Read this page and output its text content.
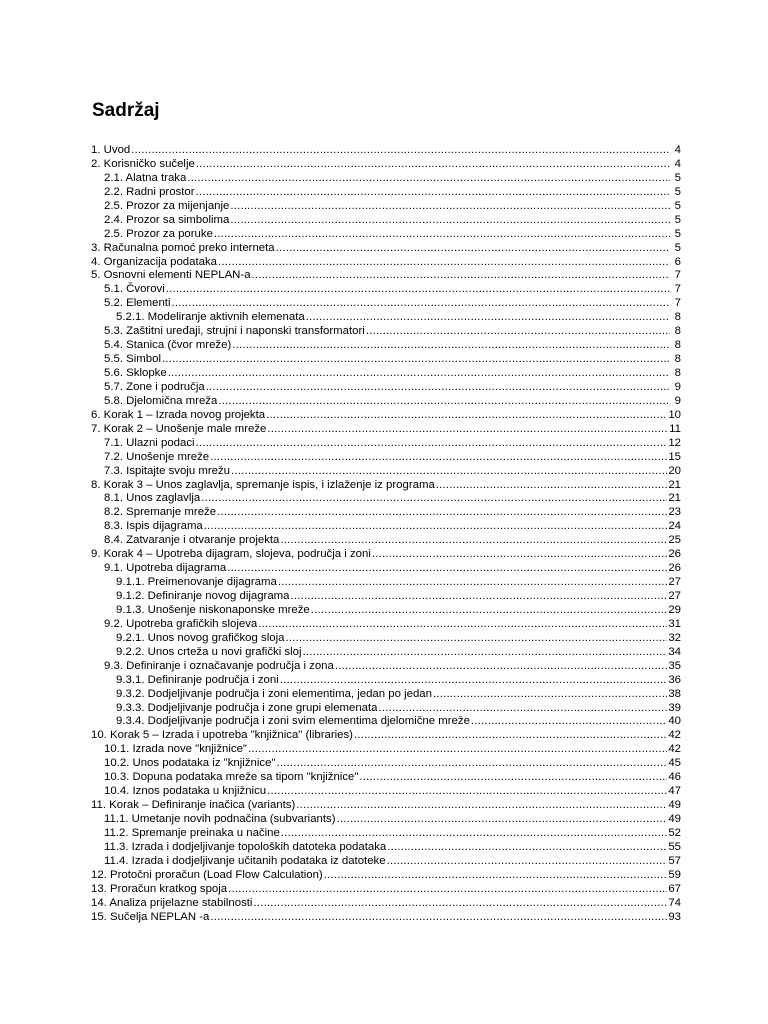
Sadržaj
1. Uvod .....	4
2. Korisničko sučelje .....	4
2.1. Alatna traka .....	5
2.2. Radni prostor .....	5
2.5. Prozor za mijenjanje .....	5
2.4. Prozor sa simbolima .....	5
2.5. Prozor za poruke .....	5
3. Računalna pomoć preko interneta .....	5
4. Organizacija podataka .....	6
5. Osnovni elementi NEPLAN-a .....	7
5.1. Čvorovi .....	7
5.2. Elementi .....	7
5.2.1. Modeliranje aktivnih elemenata .....	8
5.3. Zaštitni uređaji, strujni i naponski transformatori .....	8
5.4. Stanica (čvor mreže) .....	8
5.5. Simbol .....	8
5.6. Sklopke .....	8
5.7. Zone i područja .....	9
5.8. Djelomična mreža .....	9
6. Korak 1 – Izrada novog projekta .....	10
7. Korak 2 – Unošenje male mreže .....	11
7.1. Ulazni podaci .....	12
7.2. Unošenje mreže .....	15
7.3. Ispitajte svoju mrežu .....	20
8. Korak 3 – Unos zaglavlja, spremanje ispis, i izlaženje iz programa .....	21
8.1. Unos zaglavlja .....	21
8.2. Spremanje mreže .....	23
8.3. Ispis dijagrama .....	24
8.4. Zatvaranje i otvaranje projekta .....	25
9. Korak 4 – Upotreba dijagram, slojeva, područja i zoni .....	26
9.1. Upotreba dijagrama .....	26
9.1.1. Preimenovanje dijagrama .....	27
9.1.2. Definiranje novog dijagrama .....	27
9.1.3. Unošenje niskonaponske mreže .....	29
9.2. Upotreba grafičkih slojeva .....	31
9.2.1. Unos novog grafičkog sloja .....	32
9.2.2. Unos crteža u novi grafički sloj .....	34
9.3. Definiranje i označavanje područja i zona .....	35
9.3.1. Definiranje područja i zoni .....	36
9.3.2. Dodjeljivanje područja i zoni elementima, jedan po jedan .....	38
9.3.3. Dodjeljivanje područja i zone grupi elemenata .....	39
9.3.4. Dodjeljivanje područja i zoni svim elementima djelomične mreže .....	40
10. Korak 5 – Izrada i upotreba "knjižnica" (libraries) .....	42
10.1. Izrada nove "knjižnice" .....	42
10.2. Unos podataka iz "knjižnice" .....	45
10.3. Dopuna podataka mreže sa tipom "knjižnice" .....	46
10.4. Iznos podataka u knjižnicu .....	47
11. Korak – Definiranje inačica (variants) .....	49
11.1. Umetanje novih podnačina (subvariants) .....	49
11.2. Spremanje preinaka u načine .....	52
11.3. Izrada i dodjeljivanje topoloških datoteka podataka .....	55
11.4. Izrada i dodjeljivanje učitanih podataka iz datoteke .....	57
12. Protočni proračun (Load Flow Calculation) .....	59
13. Proračun kratkog spoja .....	67
14. Analiza prijelazne stabilnosti .....	74
15. Sučelja NEPLAN -a .....	93
